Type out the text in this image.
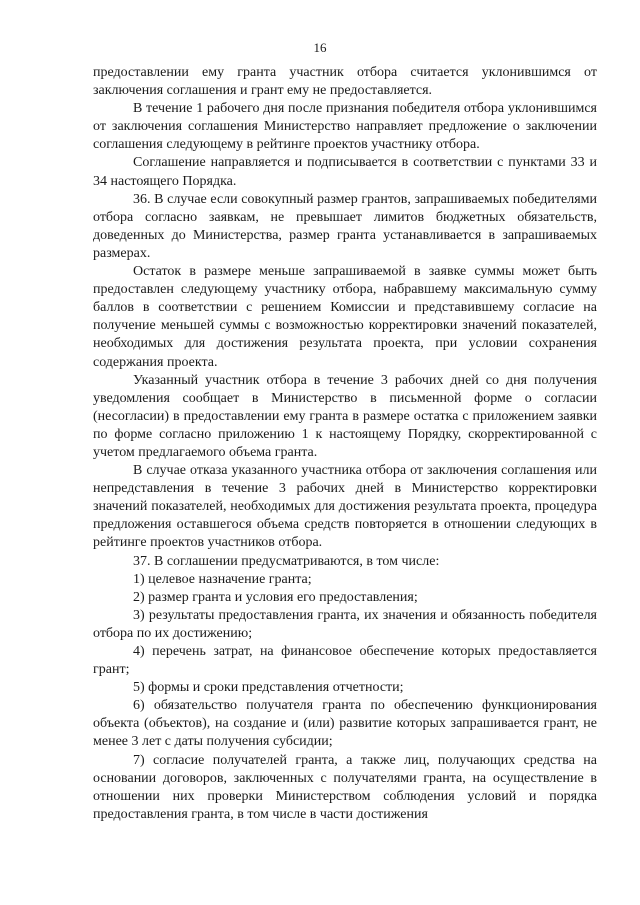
16

предоставлении ему гранта участник отбора считается уклонившимся от заключения соглашения и грант ему не предоставляется.

В течение 1 рабочего дня после признания победителя отбора уклонившимся от заключения соглашения Министерство направляет предложение о заключении соглашения следующему в рейтинге проектов участнику отбора.

Соглашение направляется и подписывается в соответствии с пунктами 33 и 34 настоящего Порядка.

36. В случае если совокупный размер грантов, запрашиваемых победителями отбора согласно заявкам, не превышает лимитов бюджетных обязательств, доведенных до Министерства, размер гранта устанавливается в запрашиваемых размерах.

Остаток в размере меньше запрашиваемой в заявке суммы может быть предоставлен следующему участнику отбора, набравшему максимальную сумму баллов в соответствии с решением Комиссии и представившему согласие на получение меньшей суммы с возможностью корректировки значений показателей, необходимых для достижения результата проекта, при условии сохранения содержания проекта.

Указанный участник отбора в течение 3 рабочих дней со дня получения уведомления сообщает в Министерство в письменной форме о согласии (несогласии) в предоставлении ему гранта в размере остатка с приложением заявки по форме согласно приложению 1 к настоящему Порядку, скорректированной с учетом предлагаемого объема гранта.

В случае отказа указанного участника отбора от заключения соглашения или непредставления в течение 3 рабочих дней в Министерство корректировки значений показателей, необходимых для достижения результата проекта, процедура предложения оставшегося объема средств повторяется в отношении следующих в рейтинге проектов участников отбора.

37. В соглашении предусматриваются, в том числе:

1) целевое назначение гранта;

2) размер гранта и условия его предоставления;

3) результаты предоставления гранта, их значения и обязанность победителя отбора по их достижению;

4) перечень затрат, на финансовое обеспечение которых предоставляется грант;

5) формы и сроки представления отчетности;

6) обязательство получателя гранта по обеспечению функционирования объекта (объектов), на создание и (или) развитие которых запрашивается грант, не менее 3 лет с даты получения субсидии;

7) согласие получателей гранта, а также лиц, получающих средства на основании договоров, заключенных с получателями гранта, на осуществление в отношении них проверки Министерством соблюдения условий и порядка предоставления гранта, в том числе в части достижения
